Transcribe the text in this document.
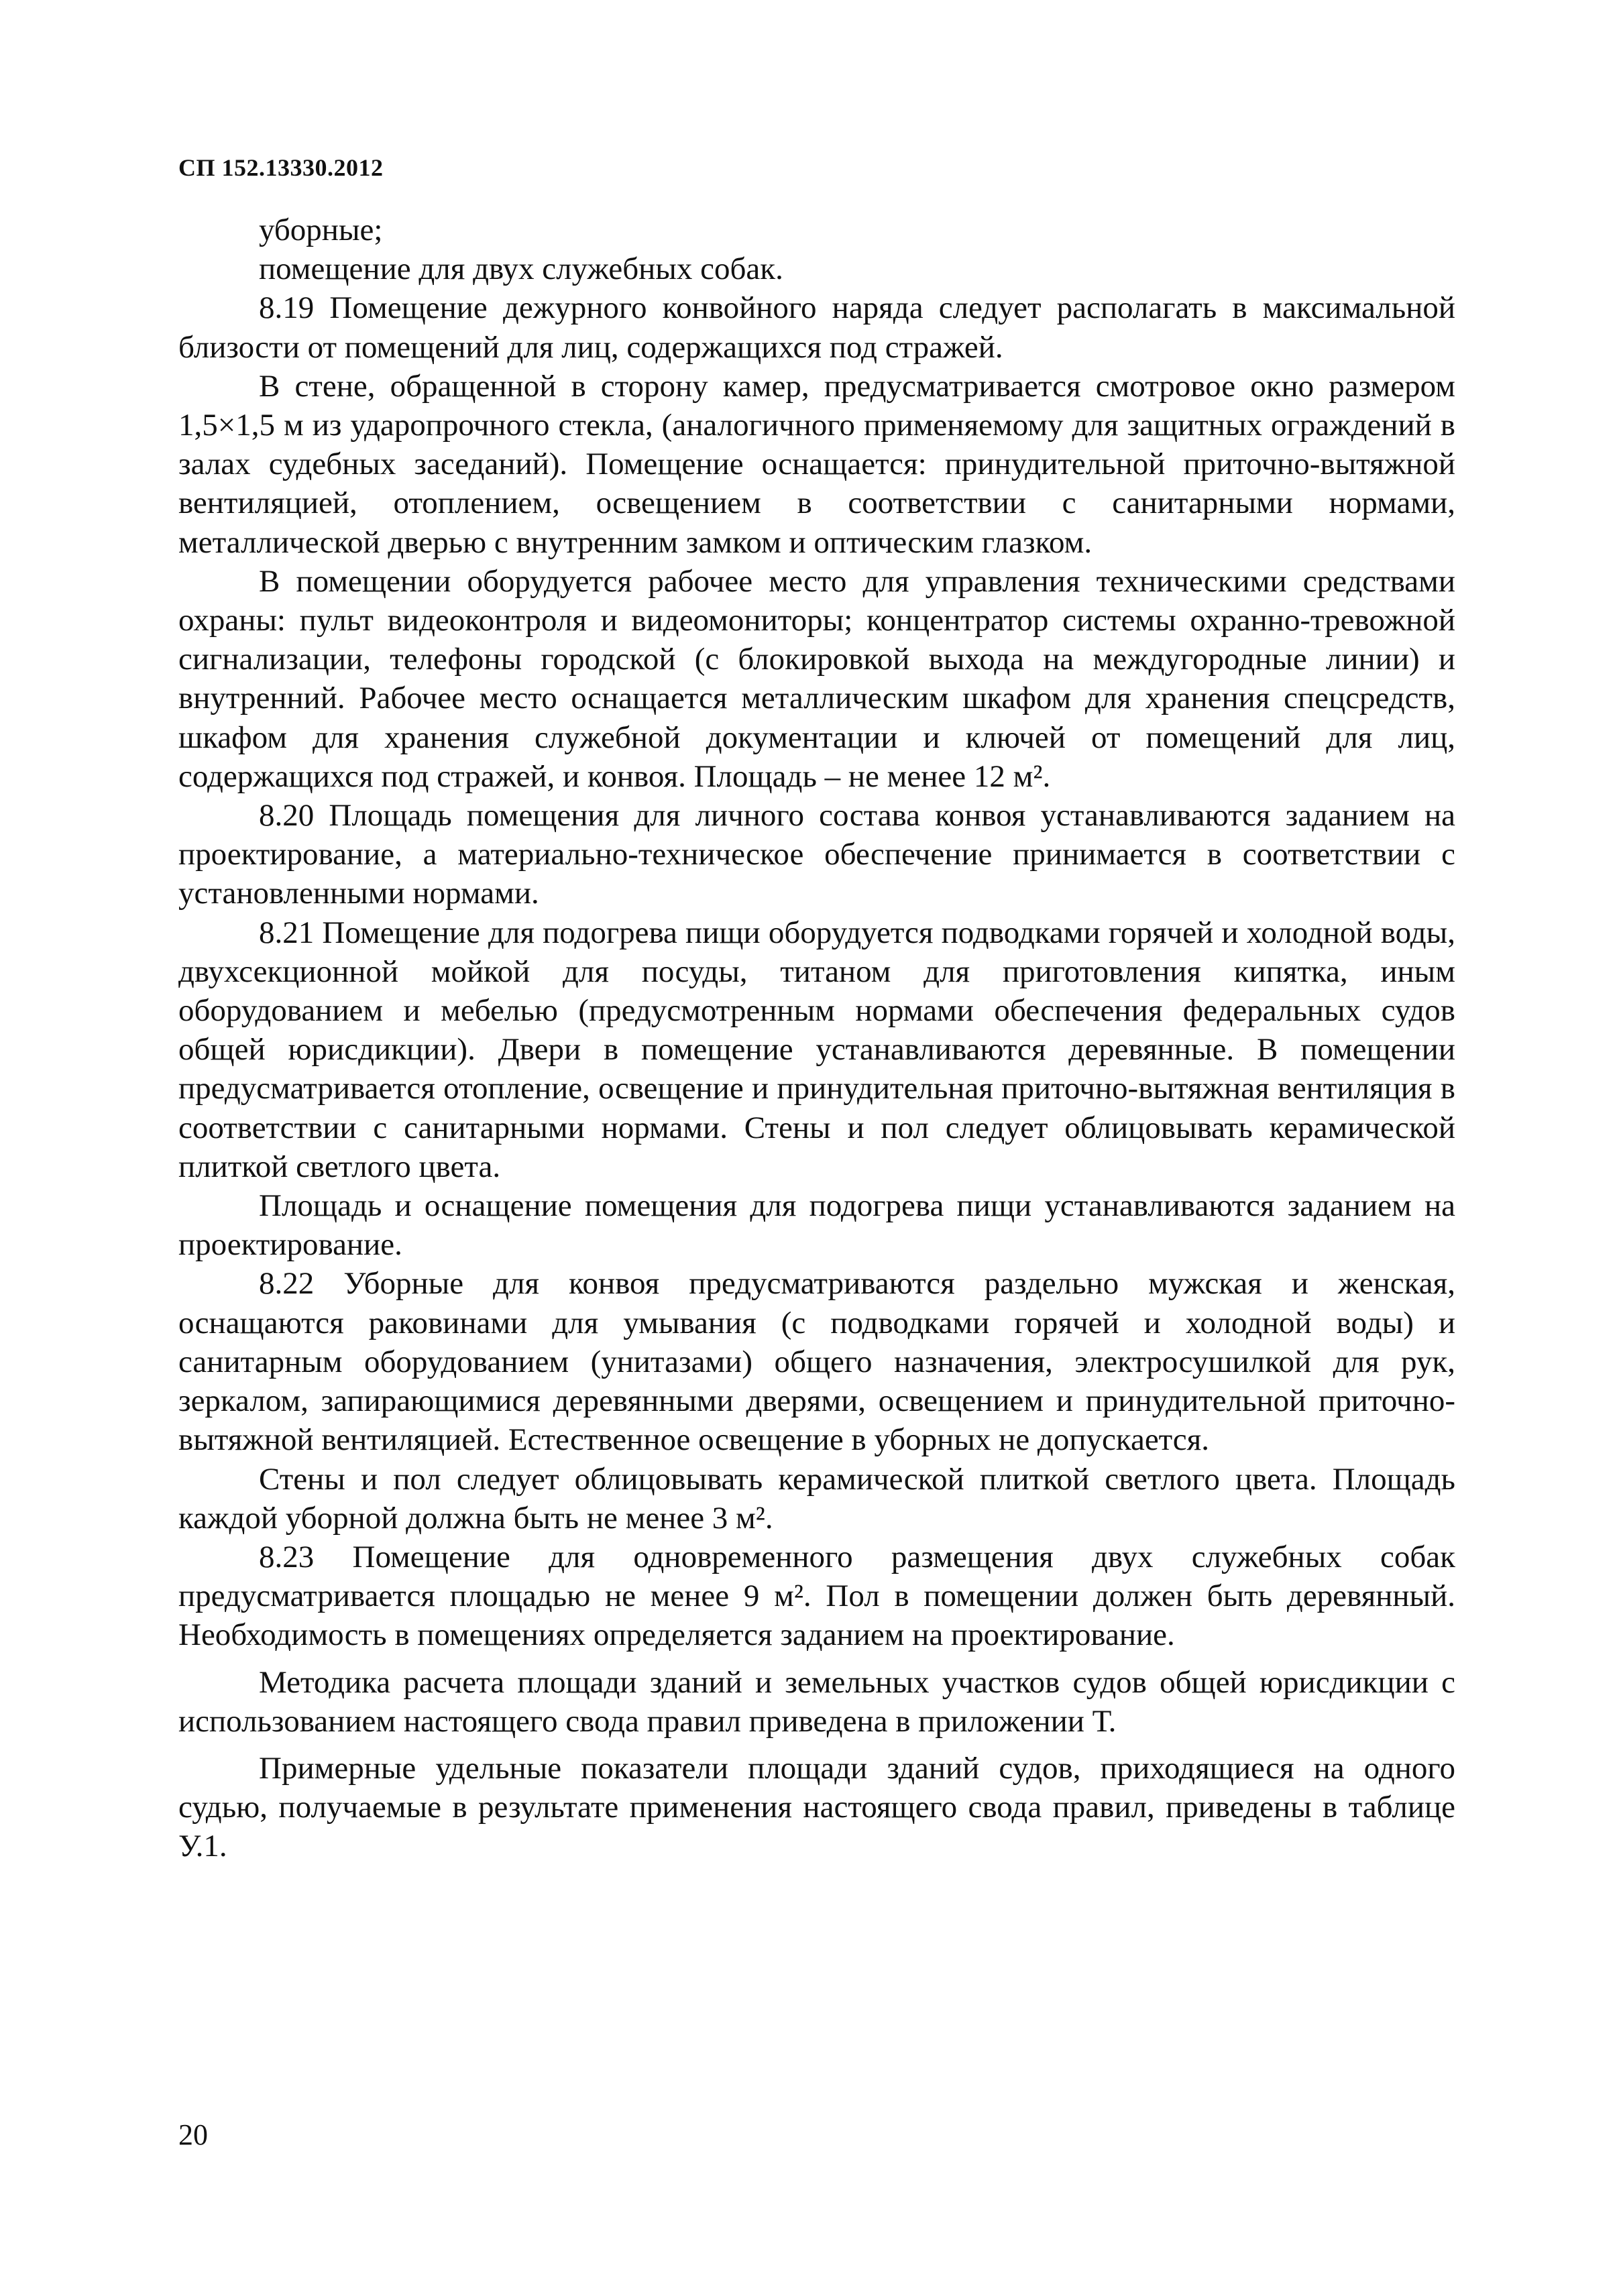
СП 152.13330.2012

уборные;

помещение для двух служебных собак.

8.19 Помещение дежурного конвойного наряда следует располагать в максимальной близости от помещений для лиц, содержащихся под стражей.

В стене, обращенной в сторону камер, предусматривается смотровое окно размером 1,5×1,5 м из ударопрочного стекла, (аналогичного применяемому для защитных ограждений в залах судебных заседаний). Помещение оснащается: принудительной приточно-вытяжной вентиляцией, отоплением, освещением в соответствии с санитарными нормами, металлической дверью с внутренним замком и оптическим глазком.

В помещении оборудуется рабочее место для управления техническими средствами охраны: пульт видеоконтроля и видеомониторы; концентратор системы охранно-тревожной сигнализации, телефоны городской (с блокировкой выхода на междугородные линии) и внутренний. Рабочее место оснащается металлическим шкафом для хранения спецсредств, шкафом для хранения служебной документации и ключей от помещений для лиц, содержащихся под стражей, и конвоя. Площадь – не менее 12 м².

8.20 Площадь помещения для личного состава конвоя устанавливаются заданием на проектирование, а материально-техническое обеспечение принимается в соответствии с установленными нормами.

8.21 Помещение для подогрева пищи оборудуется подводками горячей и холодной воды, двухсекционной мойкой для посуды, титаном для приготовления кипятка, иным оборудованием и мебелью (предусмотренным нормами обеспечения федеральных судов общей юрисдикции). Двери в помещение устанавливаются деревянные. В помещении предусматривается отопление, освещение и принудительная приточно-вытяжная вентиляция в соответствии с санитарными нормами. Стены и пол следует облицовывать керамической плиткой светлого цвета.

Площадь и оснащение помещения для подогрева пищи устанавливаются заданием на проектирование.

8.22 Уборные для конвоя предусматриваются раздельно мужская и женская, оснащаются раковинами для умывания (с подводками горячей и холодной воды) и санитарным оборудованием (унитазами) общего назначения, электросушилкой для рук, зеркалом, запирающимися деревянными дверями, освещением и принудительной приточно-вытяжной вентиляцией. Естественное освещение в уборных не допускается.

Стены и пол следует облицовывать керамической плиткой светлого цвета. Площадь каждой уборной должна быть не менее 3 м².

8.23 Помещение для одновременного размещения двух служебных собак предусматривается площадью не менее 9 м². Пол в помещении должен быть деревянный. Необходимость в помещениях определяется заданием на проектирование.

Методика расчета площади зданий и земельных участков судов общей юрисдикции с использованием настоящего свода правил приведена в приложении Т.

Примерные удельные показатели площади зданий судов, приходящиеся на одного судью, получаемые в результате применения настоящего свода правил, приведены в таблице У.1.

20
